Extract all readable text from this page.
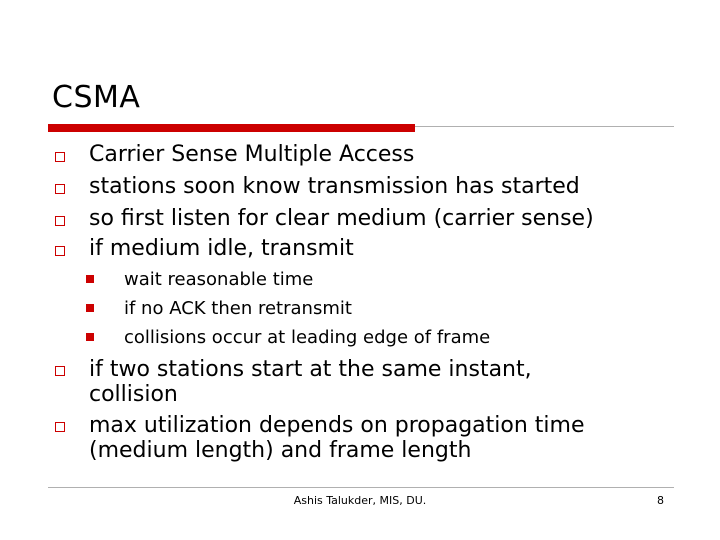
CSMA
Carrier Sense Multiple Access
stations soon know transmission has started
so first listen for clear medium (carrier sense)
if medium idle, transmit
wait reasonable time
if no ACK then retransmit
collisions occur at leading edge of frame
if two stations start at the same instant, collision
max utilization depends on propagation time (medium length) and frame length
Ashis Talukder, MIS, DU.	8
